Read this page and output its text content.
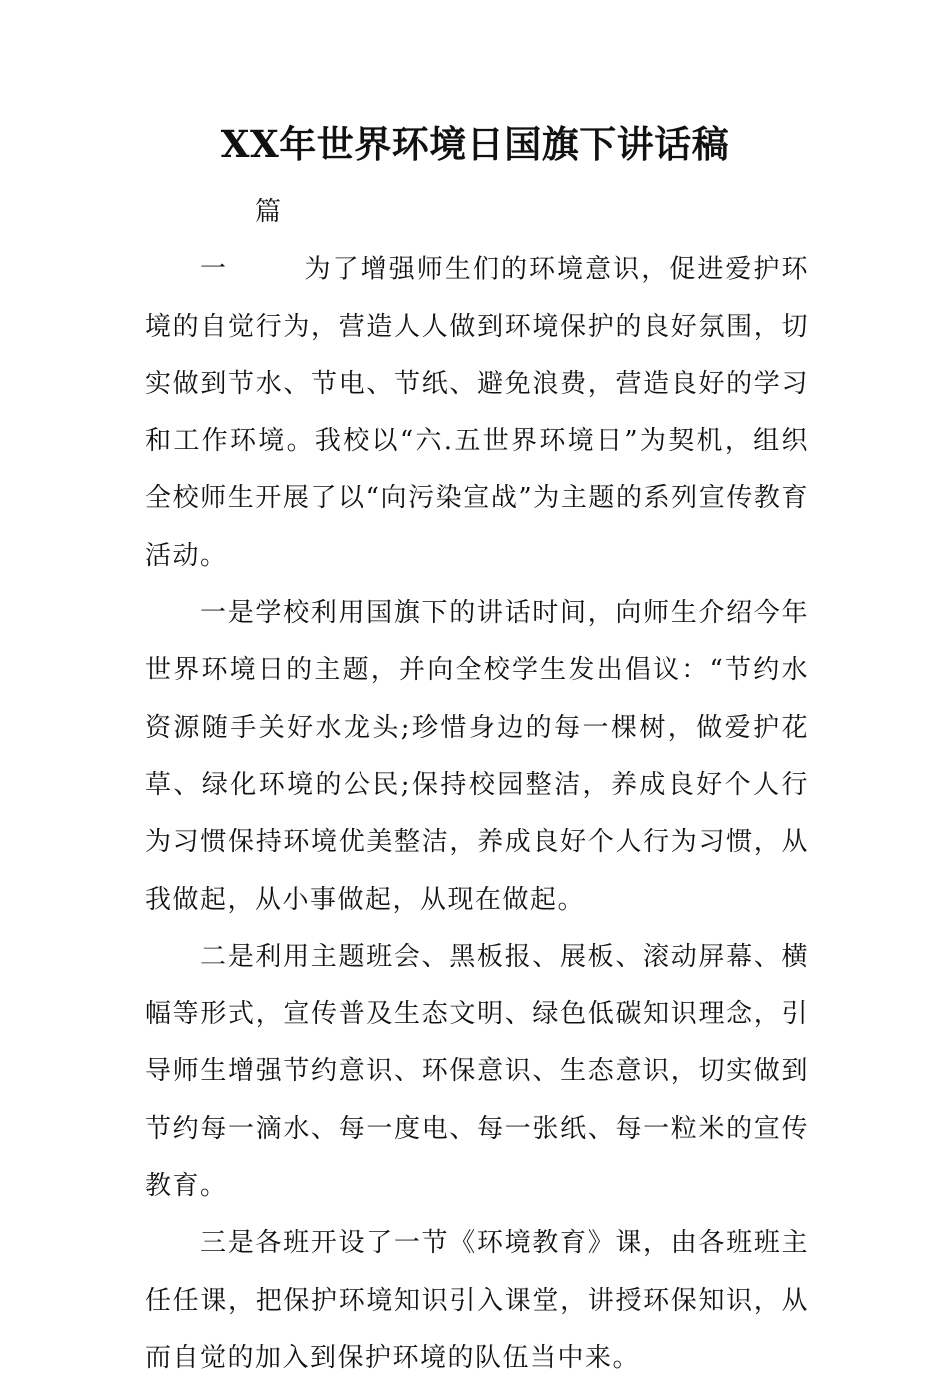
XX年世界环境日国旗下讲话稿

篇一	为了增强师生们的环境意识，促进爱护环境的自觉行为，营造人人做到环境保护的良好氛围，切实做到节水、节电、节纸、避免浪费，营造良好的学习和工作环境。我校以“六.五世界环境日”为契机，组织全校师生开展了以“向污染宣战”为主题的系列宣传教育活动。

一是学校利用国旗下的讲话时间，向师生介绍今年世界环境日的主题，并向全校学生发出倡议：“节约水资源随手关好水龙头;珍惜身边的每一棵树，做爱护花草、绿化环境的公民;保持校园整洁，养成良好个人行为习惯保持环境优美整洁，养成良好个人行为习惯，从我做起，从小事做起，从现在做起。

二是利用主题班会、黑板报、展板、滚动屏幕、横幅等形式，宣传普及生态文明、绿色低碳知识理念，引导师生增强节约意识、环保意识、生态意识，切实做到节约每一滴水、每一度电、每一张纸、每一粒米的宣传教育。

三是各班开设了一节《环境教育》课，由各班班主任任课，把保护环境知识引入课堂，讲授环保知识，从而自觉的加入到保护环境的队伍当中来。
